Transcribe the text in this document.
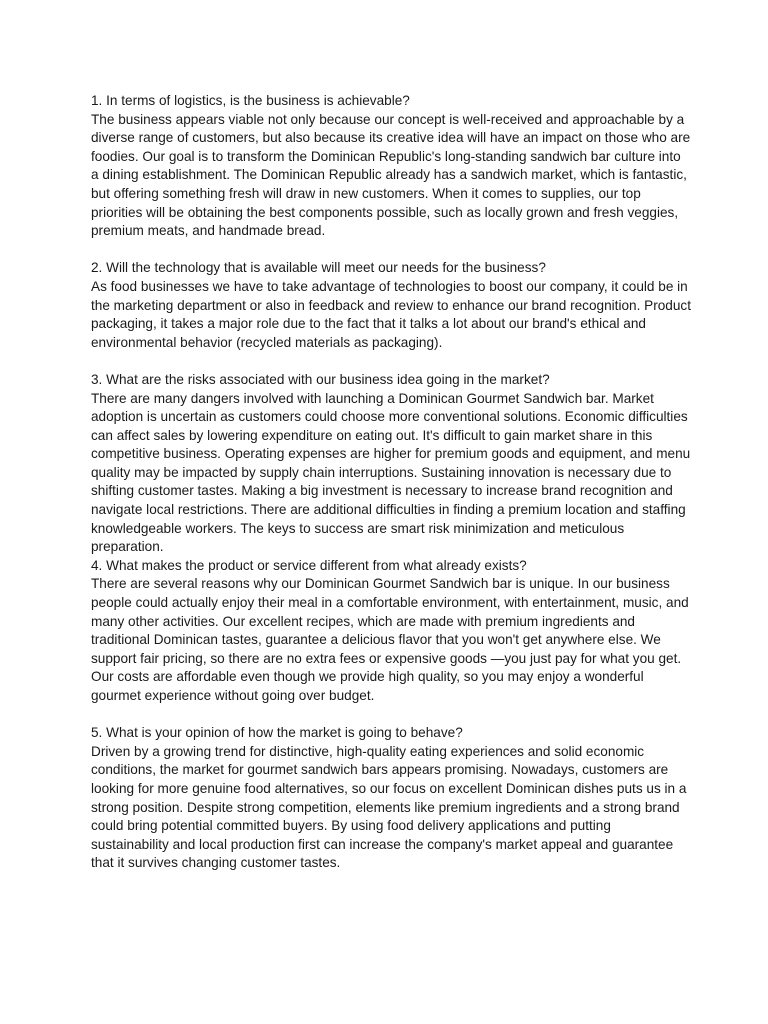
1. In terms of logistics, is the business is achievable?
The business appears viable not only because our concept is well-received and approachable by a diverse range of customers, but also because its creative idea will have an impact on those who are foodies. Our goal is to transform the Dominican Republic's long-standing sandwich bar culture into a dining establishment. The Dominican Republic already has a sandwich market, which is fantastic, but offering something fresh will draw in new customers. When it comes to supplies, our top priorities will be obtaining the best components possible, such as locally grown and fresh veggies, premium meats, and handmade bread.
2. Will the technology that is available will meet our needs for the business?
As food businesses we have to take advantage of technologies to boost our company, it could be in the marketing department or also in feedback and review to enhance our brand recognition. Product packaging, it takes a major role due to the fact that it talks a lot about our brand's ethical and environmental behavior (recycled materials as packaging).
3. What are the risks associated with our business idea going in the market?
There are many dangers involved with launching a Dominican Gourmet Sandwich bar. Market adoption is uncertain as customers could choose more conventional solutions. Economic difficulties can affect sales by lowering expenditure on eating out. It's difficult to gain market share in this competitive business. Operating expenses are higher for premium goods and equipment, and menu quality may be impacted by supply chain interruptions. Sustaining innovation is necessary due to shifting customer tastes. Making a big investment is necessary to increase brand recognition and navigate local restrictions. There are additional difficulties in finding a premium location and staffing knowledgeable workers. The keys to success are smart risk minimization and meticulous preparation.
4. What makes the product or service different from what already exists?
There are several reasons why our Dominican Gourmet Sandwich bar is unique. In our business people could actually enjoy their meal in a comfortable environment, with entertainment, music, and many other activities. Our excellent recipes, which are made with premium ingredients and traditional Dominican tastes, guarantee a delicious flavor that you won't get anywhere else. We support fair pricing, so there are no extra fees or expensive goods —you just pay for what you get. Our costs are affordable even though we provide high quality, so you may enjoy a wonderful gourmet experience without going over budget.
5. What is your opinion of how the market is going to behave?
Driven by a growing trend for distinctive, high-quality eating experiences and solid economic conditions, the market for gourmet sandwich bars appears promising. Nowadays, customers are looking for more genuine food alternatives, so our focus on excellent Dominican dishes puts us in a strong position. Despite strong competition, elements like premium ingredients and a strong brand could bring potential committed buyers. By using food delivery applications and putting sustainability and local production first can increase the company's market appeal and guarantee that it survives changing customer tastes.
